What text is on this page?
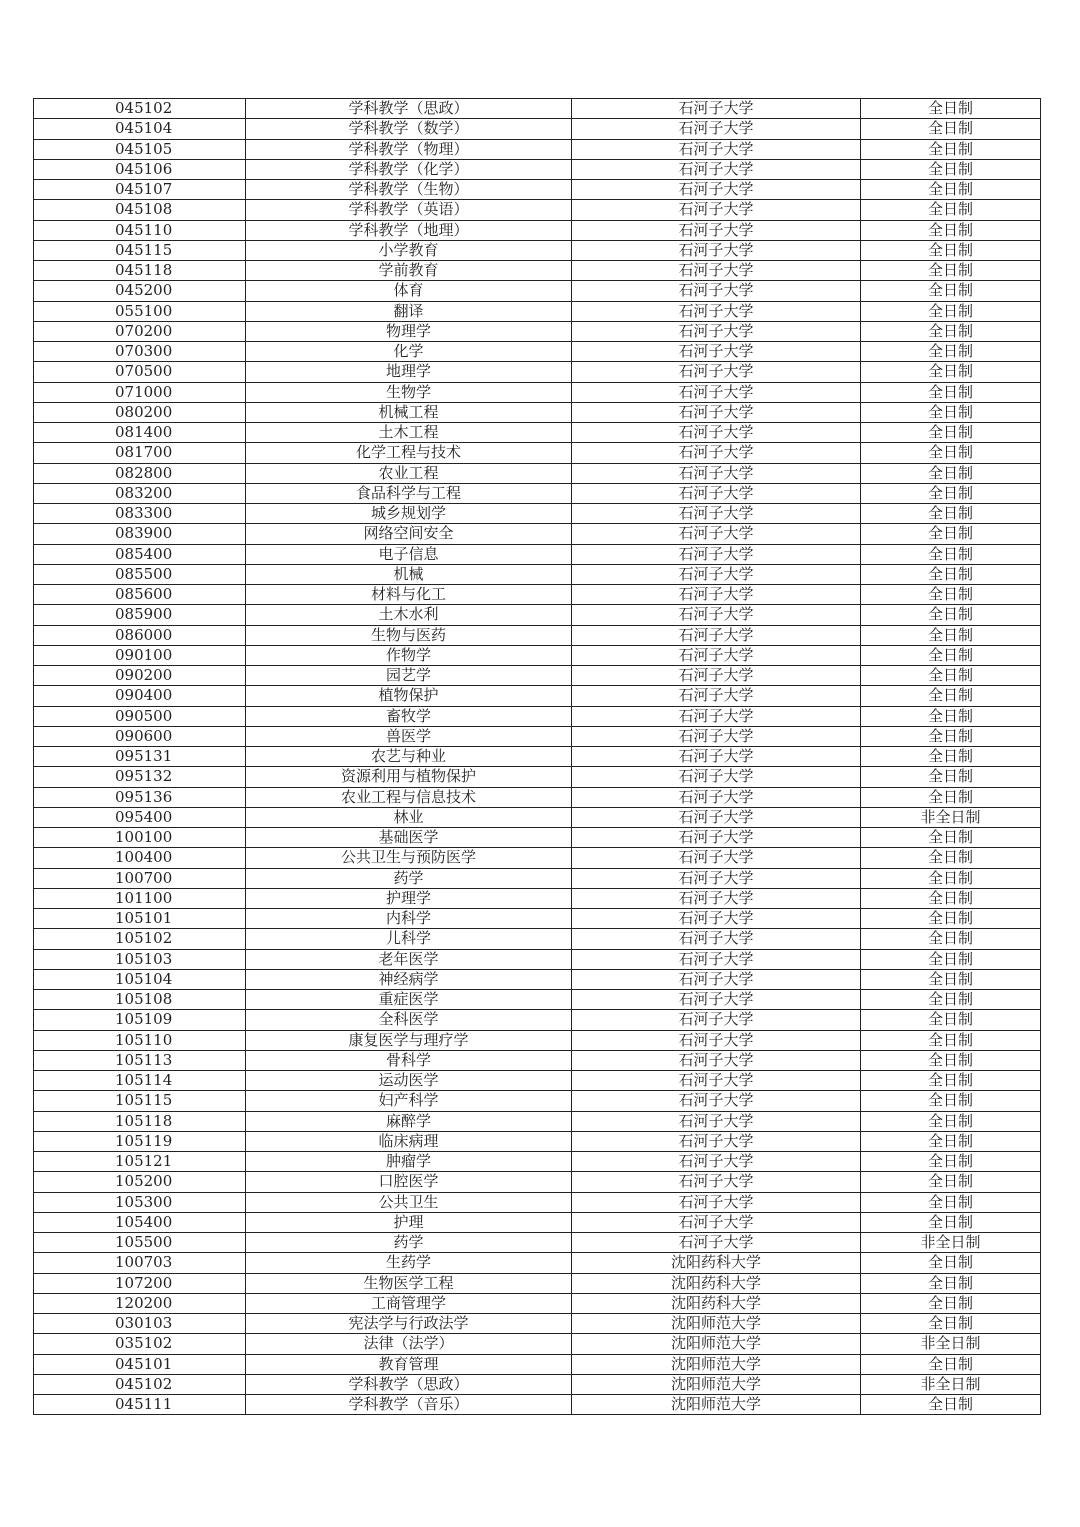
045102	学科教学（思政）	石河子大学	全日制
045104	学科教学（数学）	石河子大学	全日制
045105	学科教学（物理）	石河子大学	全日制
045106	学科教学（化学）	石河子大学	全日制
045107	学科教学（生物）	石河子大学	全日制
045108	学科教学（英语）	石河子大学	全日制
045110	学科教学（地理）	石河子大学	全日制
045115	小学教育	石河子大学	全日制
045118	学前教育	石河子大学	全日制
045200	体育	石河子大学	全日制
055100	翻译	石河子大学	全日制
070200	物理学	石河子大学	全日制
070300	化学	石河子大学	全日制
070500	地理学	石河子大学	全日制
071000	生物学	石河子大学	全日制
080200	机械工程	石河子大学	全日制
081400	土木工程	石河子大学	全日制
081700	化学工程与技术	石河子大学	全日制
082800	农业工程	石河子大学	全日制
083200	食品科学与工程	石河子大学	全日制
083300	城乡规划学	石河子大学	全日制
083900	网络空间安全	石河子大学	全日制
085400	电子信息	石河子大学	全日制
085500	机械	石河子大学	全日制
085600	材料与化工	石河子大学	全日制
085900	土木水利	石河子大学	全日制
086000	生物与医药	石河子大学	全日制
090100	作物学	石河子大学	全日制
090200	园艺学	石河子大学	全日制
090400	植物保护	石河子大学	全日制
090500	畜牧学	石河子大学	全日制
090600	兽医学	石河子大学	全日制
095131	农艺与种业	石河子大学	全日制
095132	资源利用与植物保护	石河子大学	全日制
095136	农业工程与信息技术	石河子大学	全日制
095400	林业	石河子大学	非全日制
100100	基础医学	石河子大学	全日制
100400	公共卫生与预防医学	石河子大学	全日制
100700	药学	石河子大学	全日制
101100	护理学	石河子大学	全日制
105101	内科学	石河子大学	全日制
105102	儿科学	石河子大学	全日制
105103	老年医学	石河子大学	全日制
105104	神经病学	石河子大学	全日制
105108	重症医学	石河子大学	全日制
105109	全科医学	石河子大学	全日制
105110	康复医学与理疗学	石河子大学	全日制
105113	骨科学	石河子大学	全日制
105114	运动医学	石河子大学	全日制
105115	妇产科学	石河子大学	全日制
105118	麻醉学	石河子大学	全日制
105119	临床病理	石河子大学	全日制
105121	肿瘤学	石河子大学	全日制
105200	口腔医学	石河子大学	全日制
105300	公共卫生	石河子大学	全日制
105400	护理	石河子大学	全日制
105500	药学	石河子大学	非全日制
100703	生药学	沈阳药科大学	全日制
107200	生物医学工程	沈阳药科大学	全日制
120200	工商管理学	沈阳药科大学	全日制
030103	宪法学与行政法学	沈阳师范大学	全日制
035102	法律（法学）	沈阳师范大学	非全日制
045101	教育管理	沈阳师范大学	全日制
045102	学科教学（思政）	沈阳师范大学	非全日制
045111	学科教学（音乐）	沈阳师范大学	全日制
